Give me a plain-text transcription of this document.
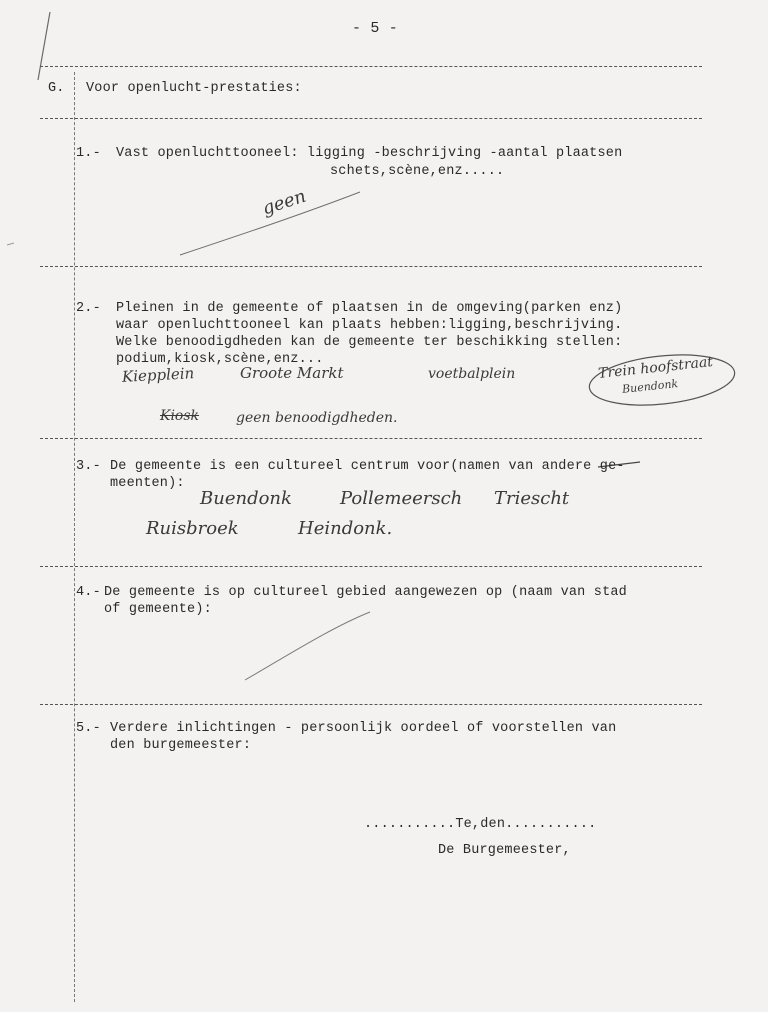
- 5 -
G. Voor openlucht-prestaties:
1.- Vast openluchttooneel: ligging -beschrijving -aantal plaatsen
schets,scène,enz.....
geen
2.- Pleinen in de gemeente of plaatsen in de omgeving(parken enz)
waar openluchttooneel kan plaats hebben:ligging,beschrijving.
Welke benoodigdheden kan de gemeente ter beschikking stellen:
podium,kiosk,scène,enz...
Kiepplein	Groote Markt	voetbalplein	Trein hoofstraat
Buendonk
Kiosk	geen benoodigdheden.
3.- De gemeente is een cultureel centrum voor(namen van andere ge-
meenten):
Buendonk	Pollemeersch Triescht
Ruisbroek	Heindonk.
4.- De gemeente is op cultureel gebied aangewezen op (naam van stad
of gemeente):
5.- Verdere inlichtingen - persoonlijk oordeel of voorstellen van
den burgemeester:
...........Te,den...........
De Burgemeester,
